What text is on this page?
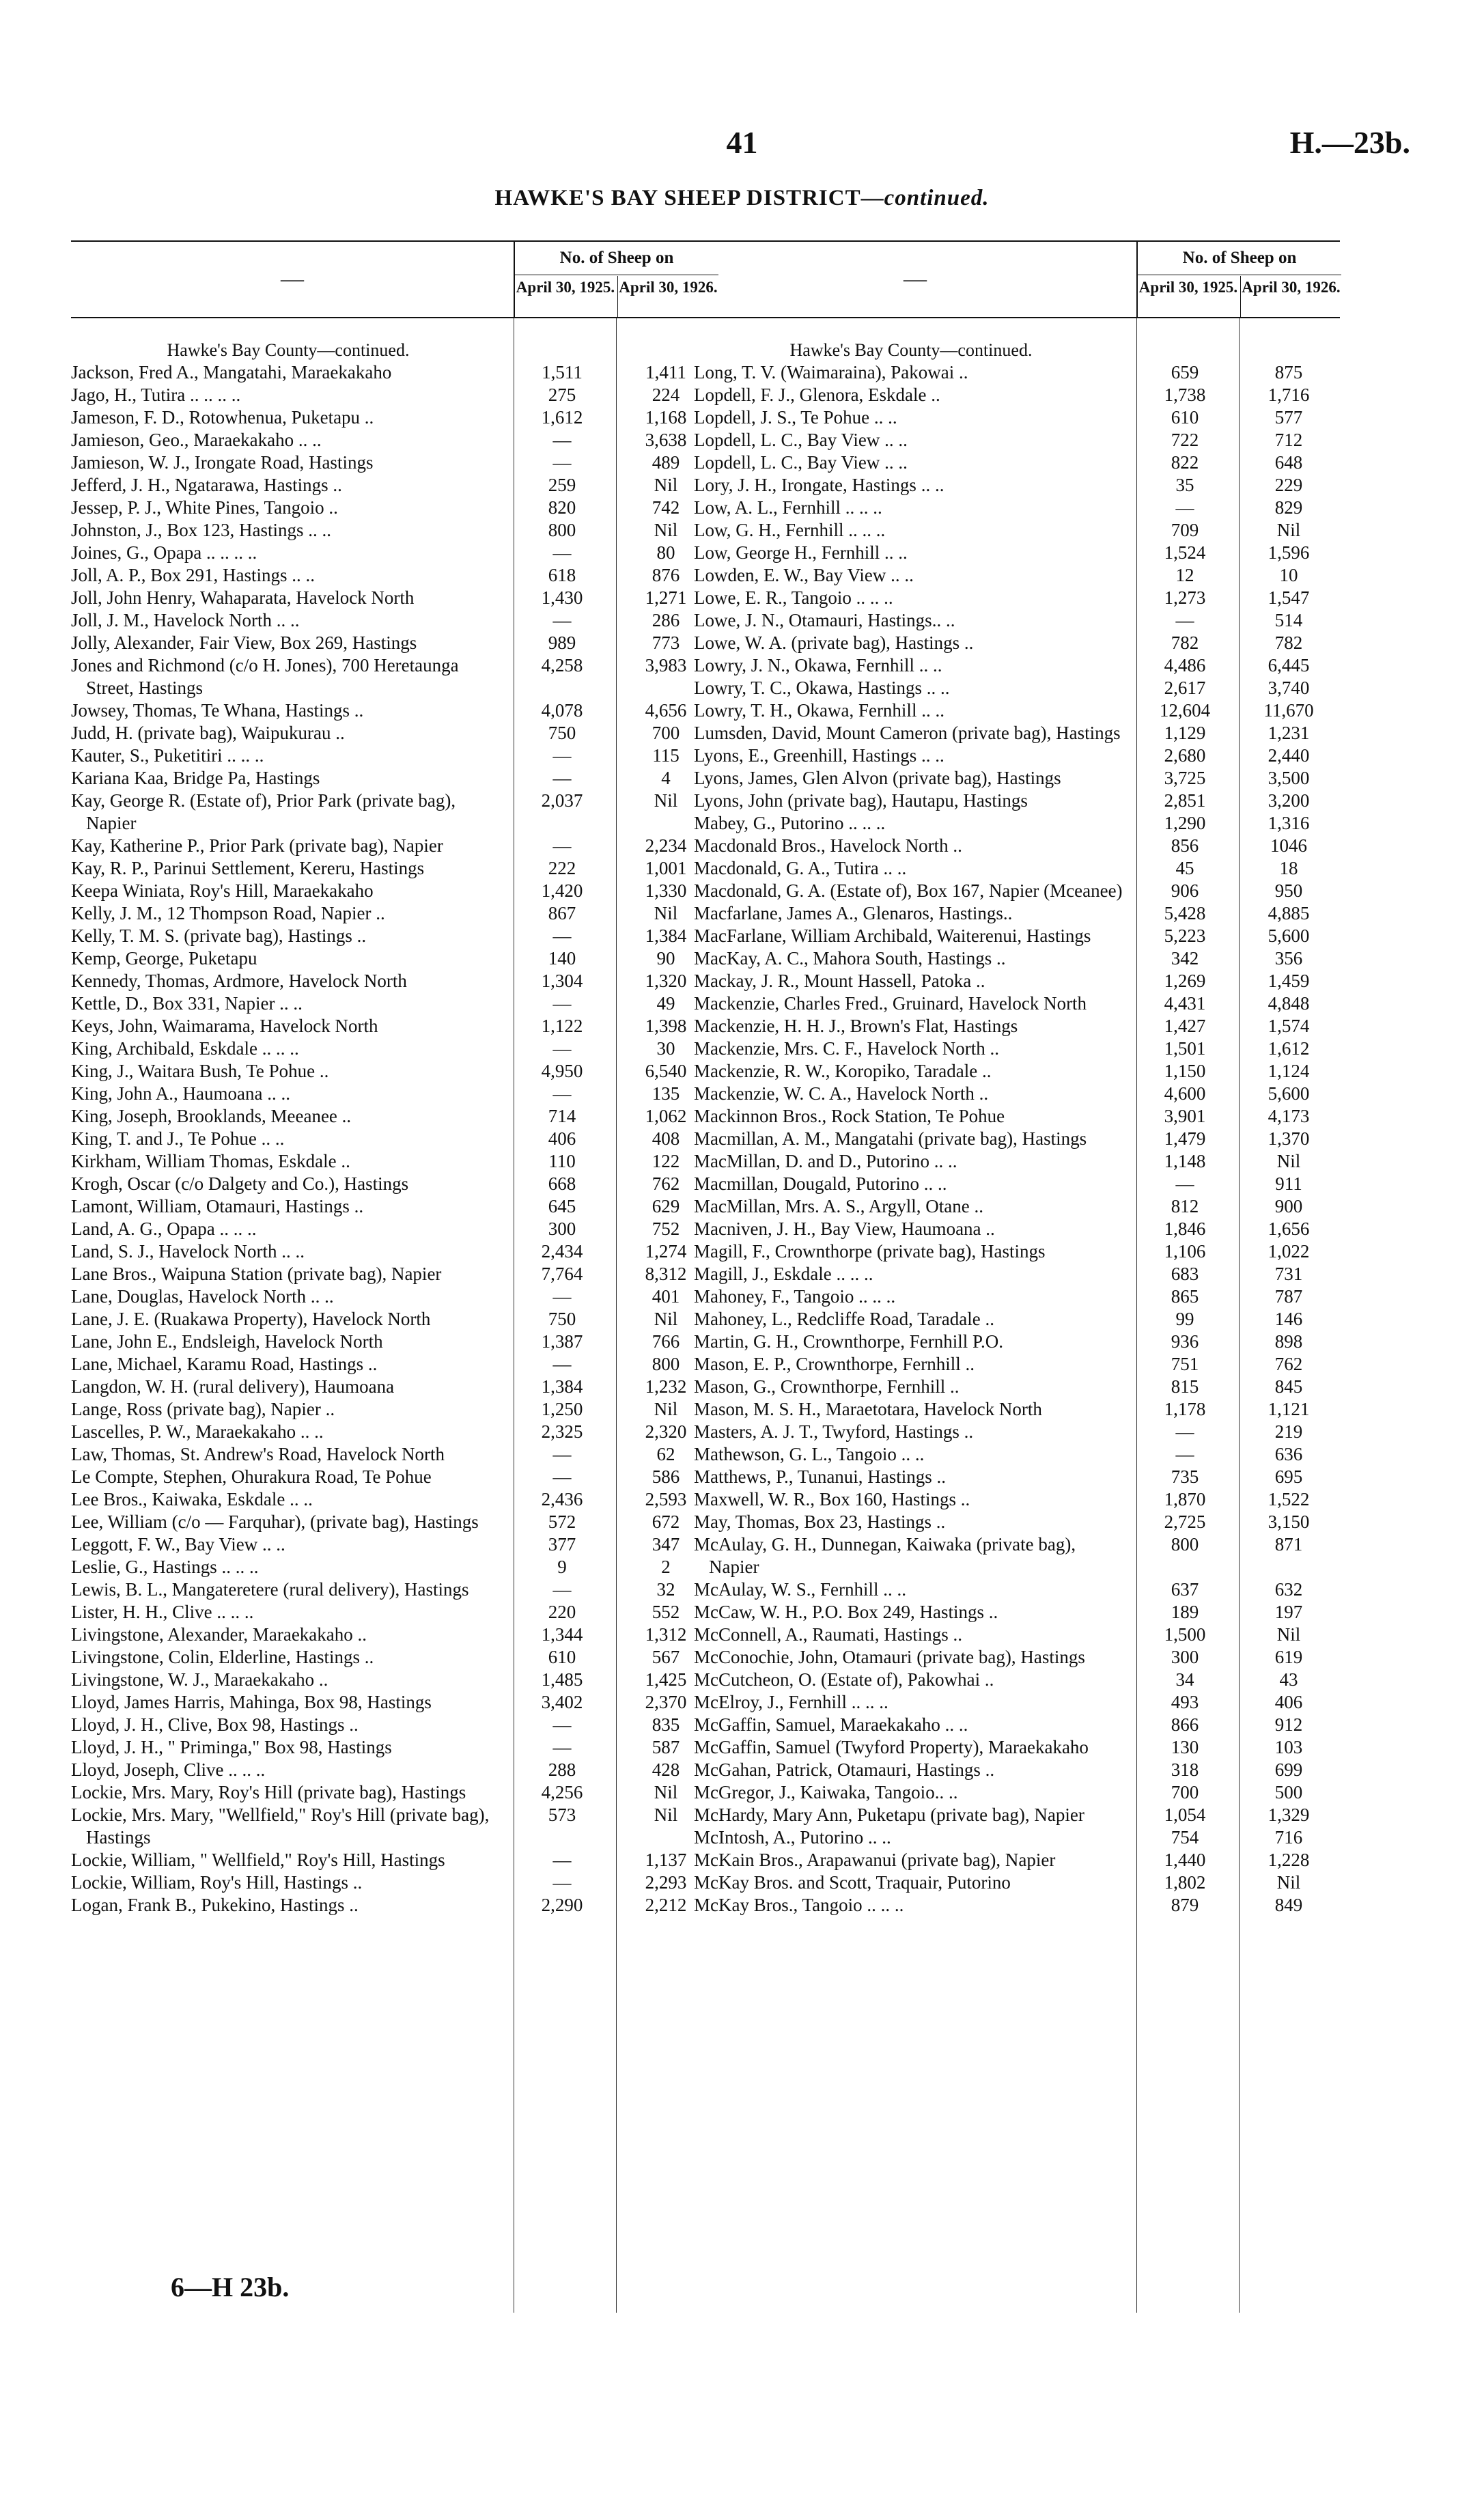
41	H.—23b.
HAWKE'S BAY SHEEP DISTRICT—continued.
—
No. of Sheep on
April 30, 1925. April 30, 1926.
Hawke's Bay County—continued.
Jackson, Fred A., Mangatahi, Maraekakaho	1,511	1,411
Jago, H., Tutira .. .. .. ..	275	224
Jameson, F. D., Rotowhenua, Puketapu ..	1,612	1,168
Jamieson, Geo., Maraekakaho .. ..	—	3,638
Jamieson, W. J., Irongate Road, Hastings	—	489
Jefferd, J. H., Ngatarawa, Hastings ..	259	Nil
Jessep, P. J., White Pines, Tangoio ..	820	742
Johnston, J., Box 123, Hastings .. ..	800	Nil
Joines, G., Opapa .. .. .. ..	—	80
Joll, A. P., Box 291, Hastings .. ..	618	876
Joll, John Henry, Wahaparata, Havelock North	1,430	1,271
Joll, J. M., Havelock North .. ..	—	286
Jolly, Alexander, Fair View, Box 269, Hastings	989	773
Jones and Richmond (c/o H. Jones), 700 Heretaunga Street, Hastings
4,258	3,983
Jowsey, Thomas, Te Whana, Hastings ..	4,078	4,656
Judd, H. (private bag), Waipukurau ..	750	700
Kauter, S., Puketitiri .. .. ..	—	115
Kariana Kaa, Bridge Pa, Hastings	—	4
Kay, George R. (Estate of), Prior Park (private bag), Napier
2,037	Nil
Kay, Katherine P., Prior Park (private bag), Napier	—	2,234
Kay, R. P., Parinui Settlement, Kereru, Hastings	222	1,001
Keepa Winiata, Roy's Hill, Maraekakaho	1,420	1,330
Kelly, J. M., 12 Thompson Road, Napier ..	867	Nil
Kelly, T. M. S. (private bag), Hastings ..	—	1,384
Kemp, George, Puketapu	140	90
Kennedy, Thomas, Ardmore, Havelock North	1,304	1,320
Kettle, D., Box 331, Napier .. ..	—	49
Keys, John, Waimarama, Havelock North	1,122	1,398
King, Archibald, Eskdale .. .. ..	—	30
King, J., Waitara Bush, Te Pohue ..	4,950	6,540
King, John A., Haumoana .. ..	—	135
King, Joseph, Brooklands, Meeanee ..	714	1,062
King, T. and J., Te Pohue .. ..	406	408
Kirkham, William Thomas, Eskdale ..	110	122
Krogh, Oscar (c/o Dalgety and Co.), Hastings	668	762
Lamont, William, Otamauri, Hastings ..	645	629
Land, A. G., Opapa .. .. ..	300	752
Land, S. J., Havelock North .. ..	2,434	1,274
Lane Bros., Waipuna Station (private bag), Napier	7,764	8,312
Lane, Douglas, Havelock North .. ..	—	401
Lane, J. E. (Ruakawa Property), Havelock North	750	Nil
Lane, John E., Endsleigh, Havelock North	1,387	766
Lane, Michael, Karamu Road, Hastings ..	—	800
Langdon, W. H. (rural delivery), Haumoana	1,384	1,232
Lange, Ross (private bag), Napier ..	1,250	Nil
Lascelles, P. W., Maraekakaho .. ..	2,325	2,320
Law, Thomas, St. Andrew's Road, Havelock North	—	62
Le Compte, Stephen, Ohurakura Road, Te Pohue	—	586
Lee Bros., Kaiwaka, Eskdale .. ..	2,436	2,593
Lee, William (c/o — Farquhar), (private bag), Hastings	572	672
Leggott, F. W., Bay View .. ..	377	347
Leslie, G., Hastings .. .. ..	9	2
Lewis, B. L., Mangateretere (rural delivery), Hastings	—	32
Lister, H. H., Clive .. .. ..	220	552
Livingstone, Alexander, Maraekakaho ..	1,344	1,312
Livingstone, Colin, Elderline, Hastings ..	610	567
Livingstone, W. J., Maraekakaho ..	1,485	1,425
Lloyd, James Harris, Mahinga, Box 98, Hastings	3,402	2,370
Lloyd, J. H., Clive, Box 98, Hastings ..	—	835
Lloyd, J. H., " Priminga," Box 98, Hastings	—	587
Lloyd, Joseph, Clive .. .. ..	288	428
Lockie, Mrs. Mary, Roy's Hill (private bag), Hastings	4,256	Nil
Lockie, Mrs. Mary, "Wellfield," Roy's Hill (private bag), Hastings
573	Nil
Lockie, William, " Wellfield," Roy's Hill, Hastings	—	1,137
Lockie, William, Roy's Hill, Hastings ..	—	2,293
Logan, Frank B., Pukekino, Hastings ..	2,290	2,212
—
No. of Sheep on
April 30, 1925. April 30, 1926.
Hawke's Bay County—continued.
Long, T. V. (Waimaraina), Pakowai ..	659	875
Lopdell, F. J., Glenora, Eskdale ..	1,738	1,716
Lopdell, J. S., Te Pohue .. ..	610	577
Lopdell, L. C., Bay View .. ..	722	712
Lopdell, L. C., Bay View .. ..	822	648
Lory, J. H., Irongate, Hastings .. ..	35	229
Low, A. L., Fernhill .. .. ..	—	829
Low, G. H., Fernhill .. .. ..	709	Nil
Low, George H., Fernhill .. ..	1,524	1,596
Lowden, E. W., Bay View .. ..	12	10
Lowe, E. R., Tangoio .. .. ..	1,273	1,547
Lowe, J. N., Otamauri, Hastings.. ..	—	514
Lowe, W. A. (private bag), Hastings ..	782	782
Lowry, J. N., Okawa, Fernhill .. ..	4,486	6,445
Lowry, T. C., Okawa, Hastings .. ..	2,617	3,740
Lowry, T. H., Okawa, Fernhill .. ..	12,604	11,670
Lumsden, David, Mount Cameron (private bag), Hastings	1,129	1,231
Lyons, E., Greenhill, Hastings .. ..	2,680	2,440
Lyons, James, Glen Alvon (private bag), Hastings	3,725	3,500
Lyons, John (private bag), Hautapu, Hastings	2,851	3,200
Mabey, G., Putorino .. .. ..	1,290	1,316
Macdonald Bros., Havelock North ..	856	1046
Macdonald, G. A., Tutira .. ..	45	18
Macdonald, G. A. (Estate of), Box 167, Napier (Mceanee)	906	950
Macfarlane, James A., Glenaros, Hastings..	5,428	4,885
MacFarlane, William Archibald, Waiterenui, Hastings	5,223	5,600
MacKay, A. C., Mahora South, Hastings ..	342	356
Mackay, J. R., Mount Hassell, Patoka ..	1,269	1,459
Mackenzie, Charles Fred., Gruinard, Havelock North	4,431	4,848
Mackenzie, H. H. J., Brown's Flat, Hastings	1,427	1,574
Mackenzie, Mrs. C. F., Havelock North ..	1,501	1,612
Mackenzie, R. W., Koropiko, Taradale ..	1,150	1,124
Mackenzie, W. C. A., Havelock North ..	4,600	5,600
Mackinnon Bros., Rock Station, Te Pohue	3,901	4,173
Macmillan, A. M., Mangatahi (private bag), Hastings	1,479	1,370
MacMillan, D. and D., Putorino .. ..	1,148	Nil
Macmillan, Dougald, Putorino .. ..	—	911
MacMillan, Mrs. A. S., Argyll, Otane ..	812	900
Macniven, J. H., Bay View, Haumoana ..	1,846	1,656
Magill, F., Crownthorpe (private bag), Hastings	1,106	1,022
Magill, J., Eskdale .. .. ..	683	731
Mahoney, F., Tangoio .. .. ..	865	787
Mahoney, L., Redcliffe Road, Taradale ..	99	146
Martin, G. H., Crownthorpe, Fernhill P.O.	936	898
Mason, E. P., Crownthorpe, Fernhill ..	751	762
Mason, G., Crownthorpe, Fernhill ..	815	845
Mason, M. S. H., Maraetotara, Havelock North	1,178	1,121
Masters, A. J. T., Twyford, Hastings ..	—	219
Mathewson, G. L., Tangoio .. ..	—	636
Matthews, P., Tunanui, Hastings ..	735	695
Maxwell, W. R., Box 160, Hastings ..	1,870	1,522
May, Thomas, Box 23, Hastings ..	2,725	3,150
McAulay, G. H., Dunnegan, Kaiwaka (private bag), Napier
800	871
McAulay, W. S., Fernhill .. ..	637	632
McCaw, W. H., P.O. Box 249, Hastings ..	189	197
McConnell, A., Raumati, Hastings ..	1,500	Nil
McConochie, John, Otamauri (private bag), Hastings	300	619
McCutcheon, O. (Estate of), Pakowhai ..	34	43
McElroy, J., Fernhill .. .. ..	493	406
McGaffin, Samuel, Maraekakaho .. ..	866	912
McGaffin, Samuel (Twyford Property), Maraekakaho	130	103
McGahan, Patrick, Otamauri, Hastings ..	318	699
McGregor, J., Kaiwaka, Tangoio.. ..	700	500
McHardy, Mary Ann, Puketapu (private bag), Napier	1,054	1,329
McIntosh, A., Putorino .. ..	754	716
McKain Bros., Arapawanui (private bag), Napier	1,440	1,228
McKay Bros. and Scott, Traquair, Putorino	1,802	Nil
McKay Bros., Tangoio .. .. ..	879	849
6—H 23b.
